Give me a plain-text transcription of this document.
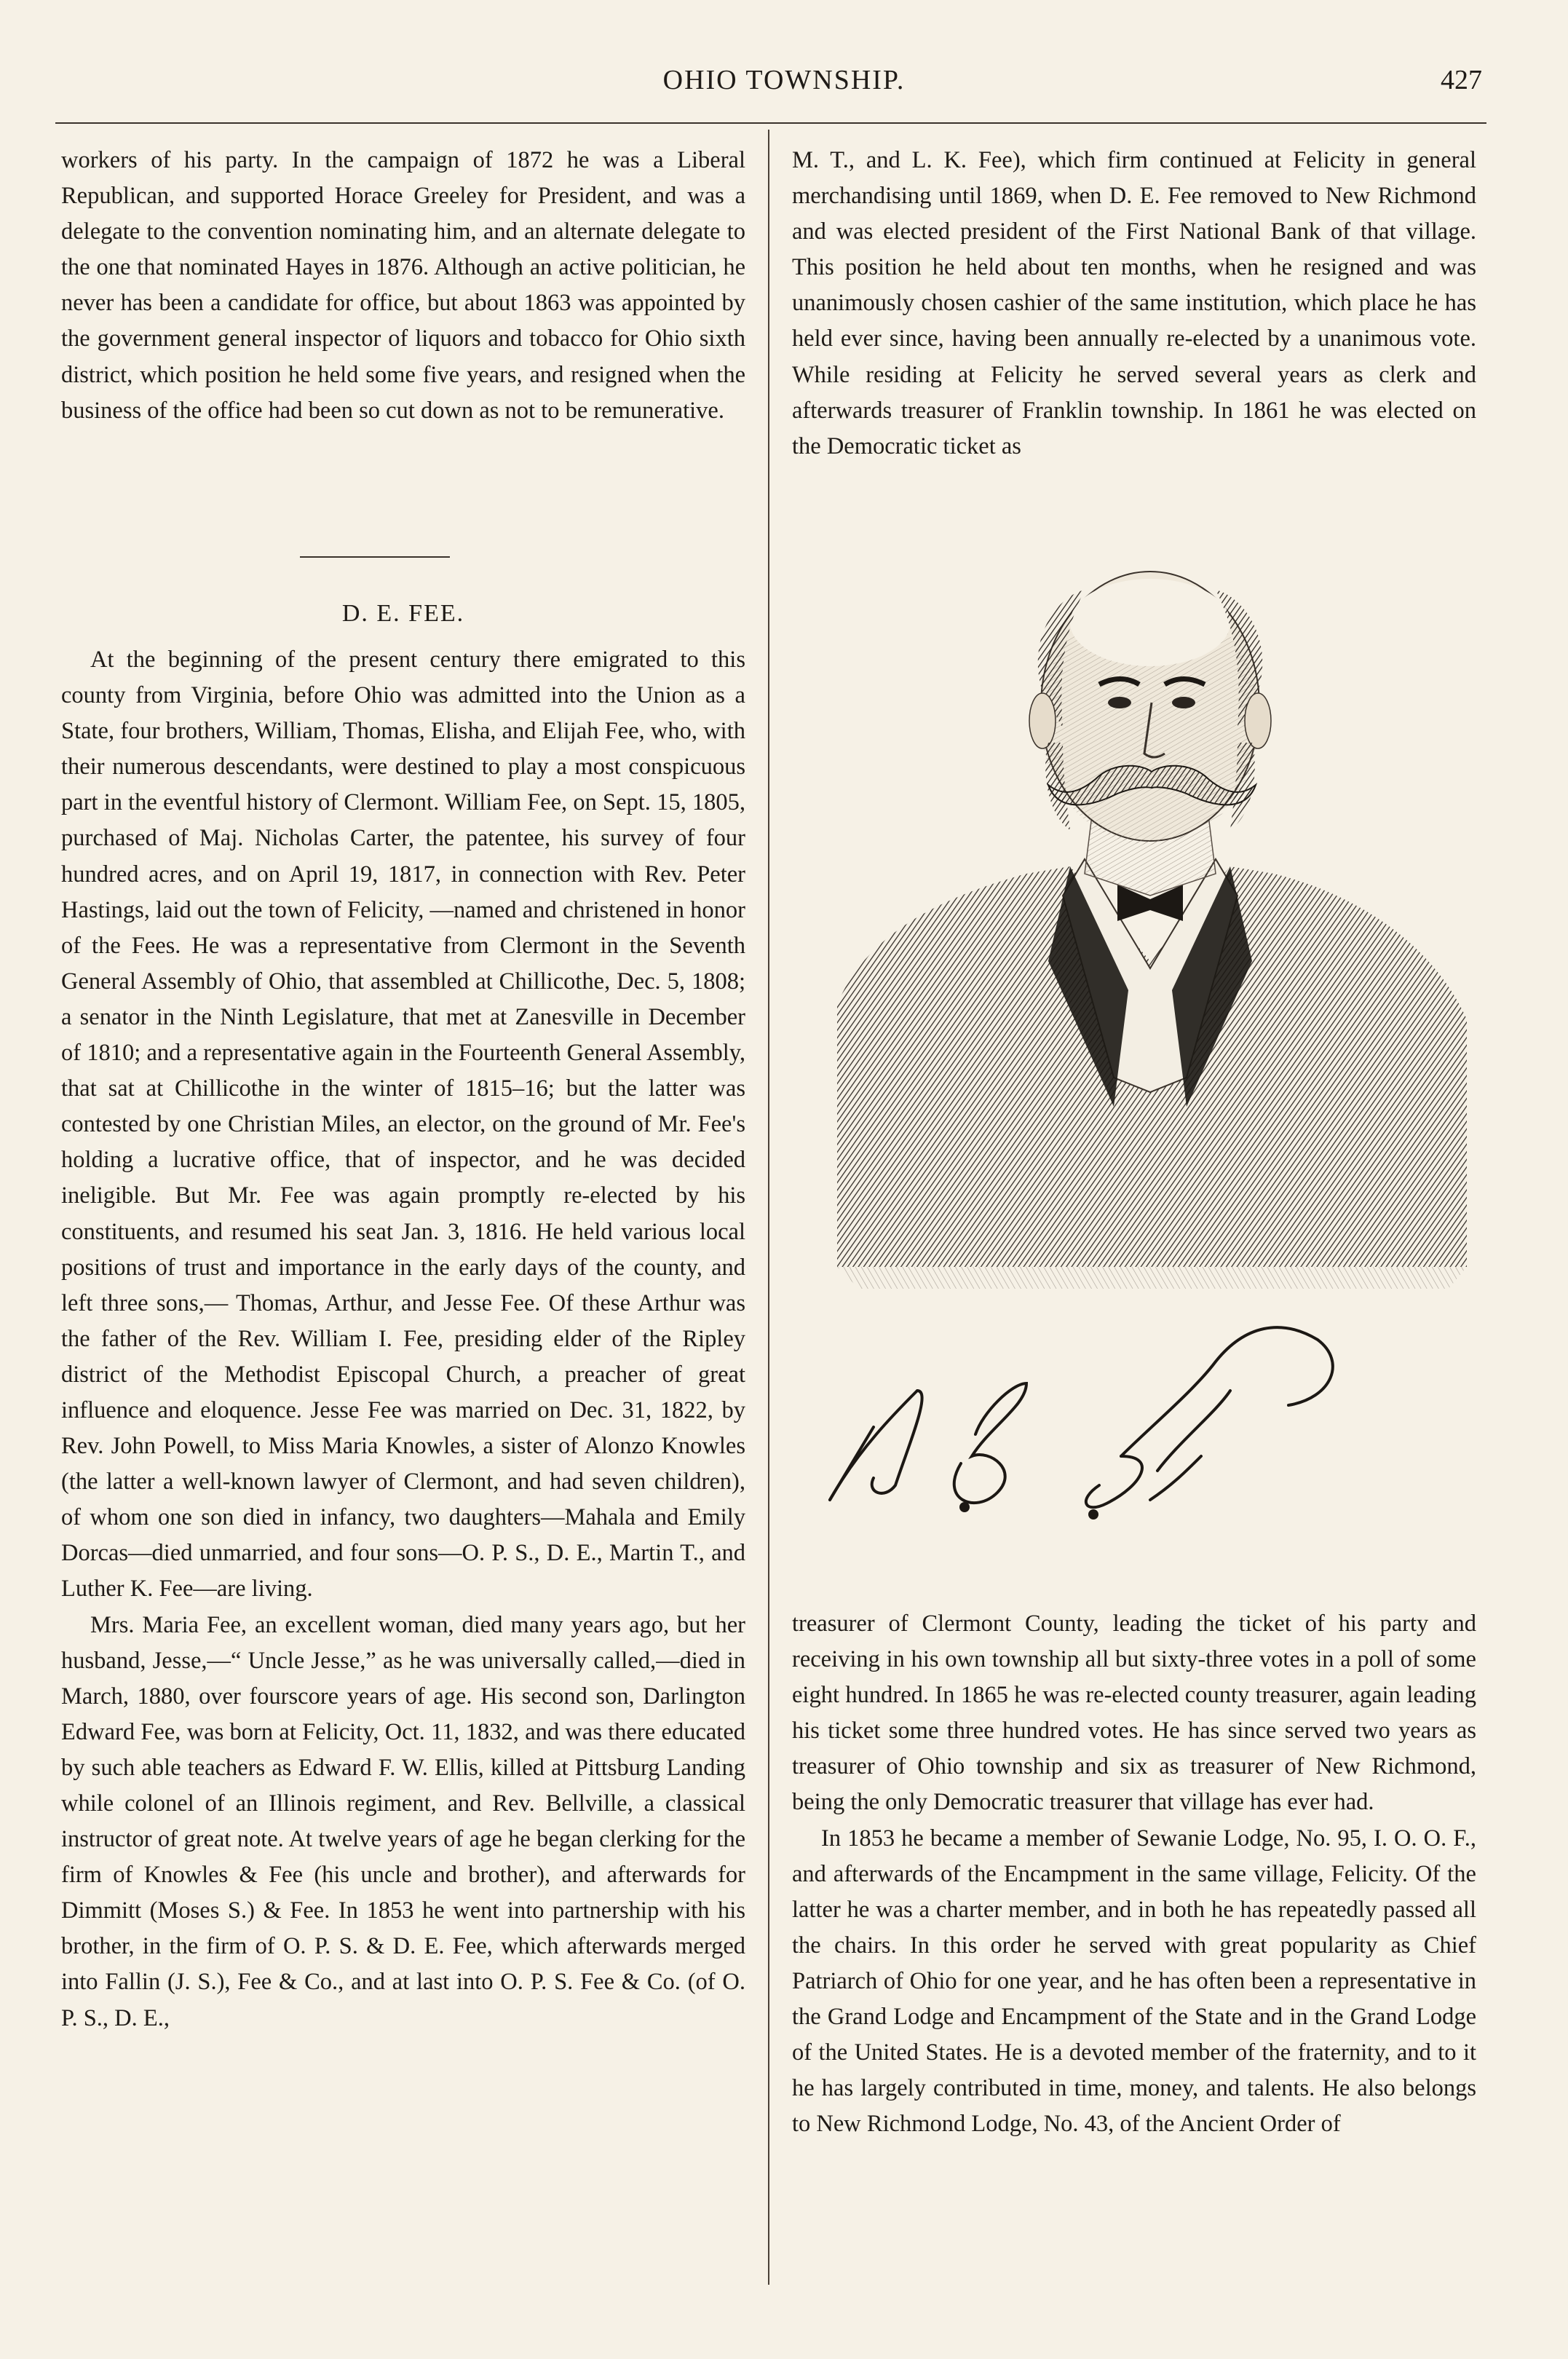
OHIO TOWNSHIP.	427

workers of his party. In the campaign of 1872 he was a Liberal Republican, and supported Horace Greeley for President, and was a delegate to the convention nominating him, and an alternate delegate to the one that nominated Hayes in 1876. Although an active politician, he never has been a candidate for office, but about 1863 was appointed by the government general inspector of liquors and tobacco for Ohio sixth district, which position he held some five years, and resigned when the business of the office had been so cut down as not to be remunerative.

D. E. FEE.

At the beginning of the present century there emigrated to this county from Virginia, before Ohio was admitted into the Union as a State, four brothers, William, Thomas, Elisha, and Elijah Fee, who, with their numerous descendants, were destined to play a most conspicuous part in the eventful history of Clermont. William Fee, on Sept. 15, 1805, purchased of Maj. Nicholas Carter, the patentee, his survey of four hundred acres, and on April 19, 1817, in connection with Rev. Peter Hastings, laid out the town of Felicity, —named and christened in honor of the Fees. He was a representative from Clermont in the Seventh General Assembly of Ohio, that assembled at Chillicothe, Dec. 5, 1808; a senator in the Ninth Legislature, that met at Zanesville in December of 1810; and a representative again in the Fourteenth General Assembly, that sat at Chillicothe in the winter of 1815–16; but the latter was contested by one Christian Miles, an elector, on the ground of Mr. Fee's holding a lucrative office, that of inspector, and he was decided ineligible. But Mr. Fee was again promptly re-elected by his constituents, and resumed his seat Jan. 3, 1816. He held various local positions of trust and importance in the early days of the county, and left three sons,— Thomas, Arthur, and Jesse Fee. Of these Arthur was the father of the Rev. William I. Fee, presiding elder of the Ripley district of the Methodist Episcopal Church, a preacher of great influence and eloquence. Jesse Fee was married on Dec. 31, 1822, by Rev. John Powell, to Miss Maria Knowles, a sister of Alonzo Knowles (the latter a well-known lawyer of Clermont, and had seven children), of whom one son died in infancy, two daughters—Mahala and Emily Dorcas—died unmarried, and four sons—O. P. S., D. E., Martin T., and Luther K. Fee—are living.

Mrs. Maria Fee, an excellent woman, died many years ago, but her husband, Jesse,—“ Uncle Jesse,” as he was universally called,—died in March, 1880, over fourscore years of age. His second son, Darlington Edward Fee, was born at Felicity, Oct. 11, 1832, and was there educated by such able teachers as Edward F. W. Ellis, killed at Pittsburg Landing while colonel of an Illinois regiment, and Rev. Bellville, a classical instructor of great note. At twelve years of age he began clerking for the firm of Knowles & Fee (his uncle and brother), and afterwards for Dimmitt (Moses S.) & Fee. In 1853 he went into partnership with his brother, in the firm of O. P. S. & D. E. Fee, which afterwards merged into Fallin (J. S.), Fee & Co., and at last into O. P. S. Fee & Co. (of O. P. S., D. E.,

M. T., and L. K. Fee), which firm continued at Felicity in general merchandising until 1869, when D. E. Fee removed to New Richmond and was elected president of the First National Bank of that village. This position he held about ten months, when he resigned and was unanimously chosen cashier of the same institution, which place he has held ever since, having been annually re-elected by a unanimous vote. While residing at Felicity he served several years as clerk and afterwards treasurer of Franklin township. In 1861 he was elected on the Democratic ticket as

D. E. Fee

treasurer of Clermont County, leading the ticket of his party and receiving in his own township all but sixty-three votes in a poll of some eight hundred. In 1865 he was re-elected county treasurer, again leading his ticket some three hundred votes. He has since served two years as treasurer of Ohio township and six as treasurer of New Richmond, being the only Democratic treasurer that village has ever had.

In 1853 he became a member of Sewanie Lodge, No. 95, I. O. O. F., and afterwards of the Encampment in the same village, Felicity. Of the latter he was a charter member, and in both he has repeatedly passed all the chairs. In this order he served with great popularity as Chief Patriarch of Ohio for one year, and he has often been a representative in the Grand Lodge and Encampment of the State and in the Grand Lodge of the United States. He is a devoted member of the fraternity, and to it he has largely contributed in time, money, and talents. He also belongs to New Richmond Lodge, No. 43, of the Ancient Order of
